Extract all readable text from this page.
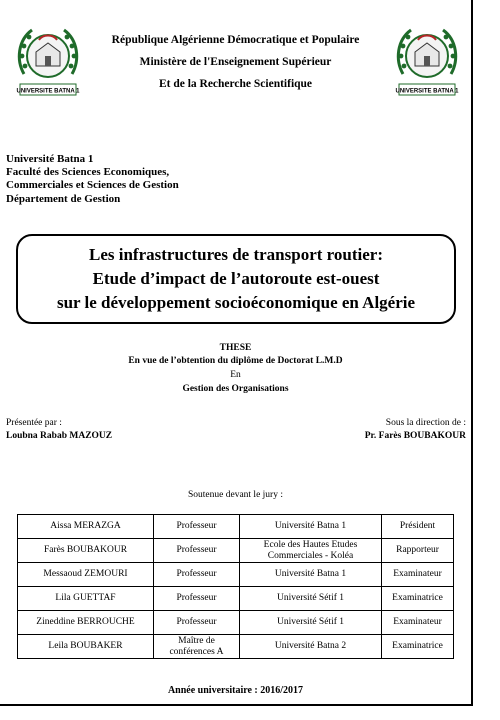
UNIVERSITE BATNA 1	UNIVERSITE BATNA 1
République Algérienne Démocratique et Populaire
Ministère de l'Enseignement Supérieur
Et de la Recherche Scientifique
Université Batna 1
Faculté des Sciences Economiques,
Commerciales et Sciences de Gestion
Département de Gestion
Les infrastructures de transport routier:
Etude d’impact de l’autoroute est-ouest
sur le développement socioéconomique en Algérie
THESE
En vue de l’obtention du diplôme de Doctorat L.M.D
En
Gestion des Organisations
Présentée par :
Loubna Rabab MAZOUZ
Sous la direction de :
Pr. Farès BOUBAKOUR
Soutenue devant le jury :
Aissa MERAZGA	Professeur	Université Batna 1	Président
Farès BOUBAKOUR	Professeur	Ecole des Hautes Etudes Commerciales - Koléa	Rapporteur
Messaoud ZEMOURI	Professeur	Université Batna 1	Examinateur
Lila GUETTAF	Professeur	Université Sétif 1	Examinatrice
Zineddine BERROUCHE	Professeur	Université Sétif 1	Examinateur
Leila BOUBAKER	Maître de conférences A	Université Batna 2	Examinatrice
Année universitaire : 2016/2017
